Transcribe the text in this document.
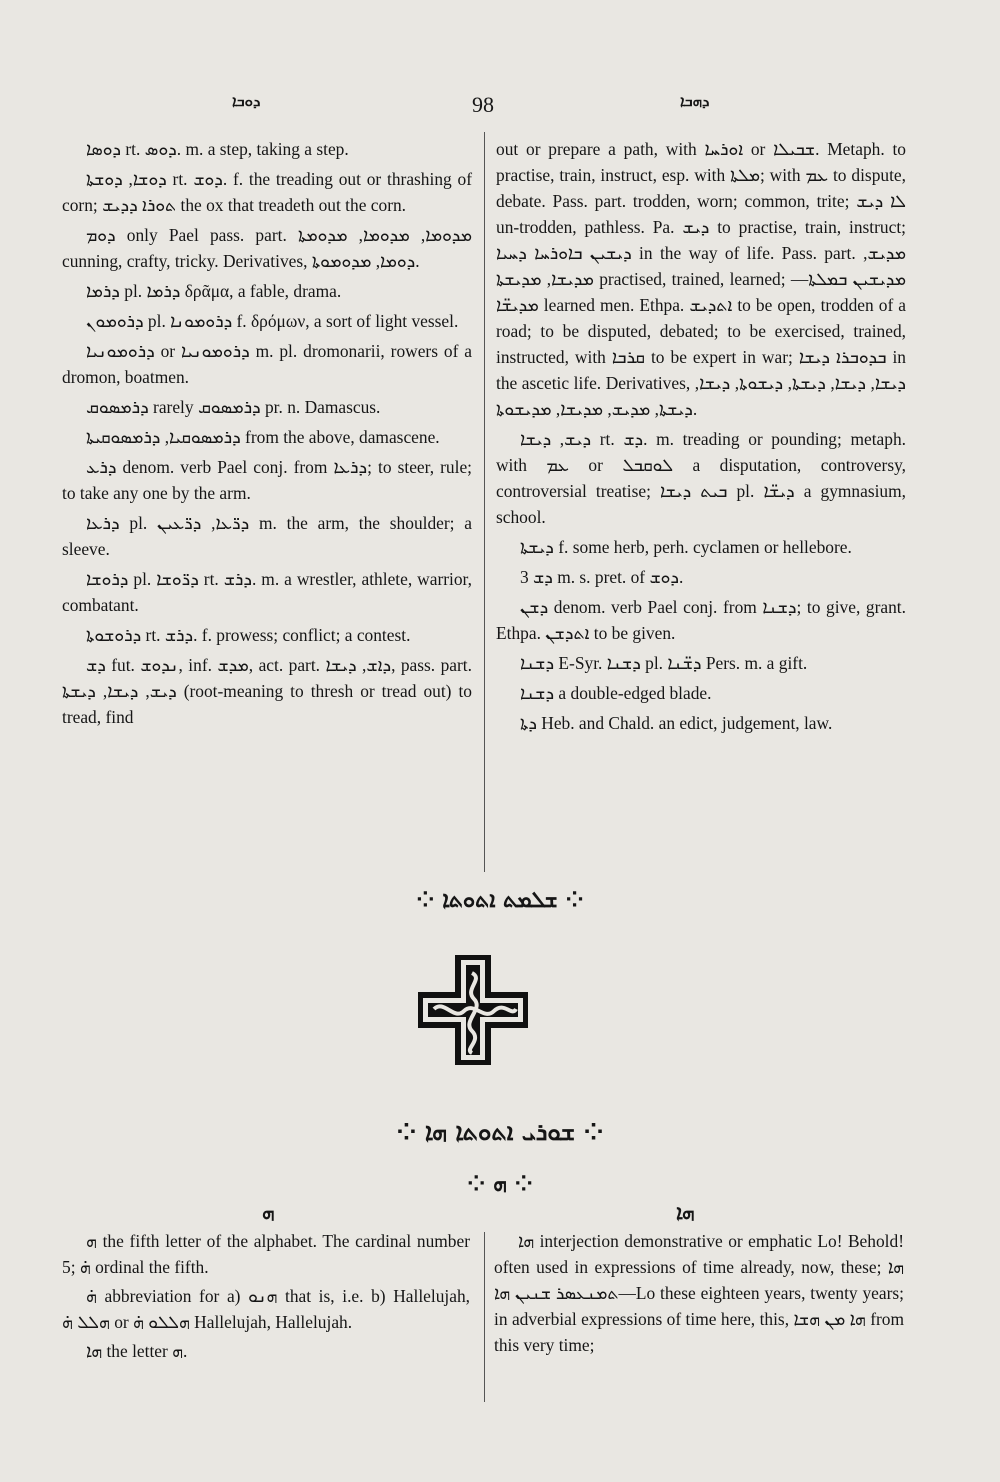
ܕܘܒܐ	98	ܕܗܒܐ

ܕܘܣܐ rt. ܕܘܣ. m. a step, taking a step.

ܕܘܫܐ, ܕܘܫܬܐ rt. ܕܘܫ. f. the treading out or thrashing of corn; ܬܘܪܐ ܕܕܝܫ the ox that treadeth out the corn.

ܕܘܡ only Pael pass. part. ܡܕܘܡܐ, ܡܕܘܡܐ, ܡܕܘܡܬܐ cunning, crafty, tricky. Derivatives, ܕܘܡܐ, ܡܕܘܡܘܬܐ.

ܕܪܡܐ pl. ܕܪܡܐ δρᾶμα, a fable, drama.

ܕܪܘܡܘܢ pl. ܕܪܘܡܘܢܐ f. δρόμων, a sort of light vessel.

ܕܪܘܡܘܢܝܐ or ܕܪܘܡܘܢܝܐ m. pl. dromonarii, rowers of a dromon, boatmen.

ܕܪܡܣܘܩ rarely ܕܪܡܣܘܩ pr. n. Damascus.

ܕܪܡܣܘܩܝܐ, ܕܪܡܣܘܩܝܬܐ from the above, damascene.

ܕܪܥ denom. verb Pael conj. from ܕܪܥܐ; to steer, rule; to take any one by the arm.

ܕܪܥܐ pl. ܕܪ̈ܥܐ, ܕܪ̈ܥܝܢ m. the arm, the shoulder; a sleeve.

ܕܪܘܫܐ pl. ܕܪ̈ܘܫܐ rt. ܕܪܫ. m. a wrestler, athlete, warrior, combatant.

ܕܪܘܫܘܬܐ rt. ܕܪܫ. f. prowess; conflict; a contest.

ܕܫ fut. ܢܕܘܫ, inf. ܡܕܫ, act. part. ܕܐܫ, ܕܝܫܐ, pass. part. ܕܝܫ, ܕܝܫܐ, ܕܝܫܬܐ (root-meaning to thresh or tread out) to tread, find

out or prepare a path, with ܐܘܪܚܐ or ܫܒܝܠܐ. Metaph. to practise, train, instruct, esp. with ܡܠܬܐ; with ܥܡ to dispute, debate. Pass. part. trodden, worn; common, trite; ܠܐ ܕܝܫ un-trodden, pathless. Pa. ܕܝܫ to practise, train, instruct; ܕܝܫܝܢ ܒܐܘܪܚܐ ܕܚܝܐ in the way of life. Pass. part. ܡܕܝܫ, ܡܕܝܫܐ, ܡܕܝܫܬܐ practised, trained, learned; ܡܕܝܫܝܢ ܒܡܠܬܐ—ܡܕܝܫ̈ܐ learned men. Ethpa. ܐܬܕܝܫ to be open, trodden of a road; to be disputed, debated; to be exercised, trained, instructed, with ܩܪܒܐ to be expert in war; ܒܕܘܒܪܐ ܕܝܫܐ in the ascetic life. Derivatives, ܕܝܫܐ, ܕܝܫܐ, ܕܝܫܬܐ, ܕܝܫܘܬܐ, ܕܝܫܐ, ܕܝܫܬܐ, ܡܕܝܫ, ܡܕܝܫܐ, ܡܕܝܫܘܬܐ.

ܕܝܫ, ܕܝܫܐ rt. ܕܫ. m. treading or pounding; metaph. with ܥܡ or ܠܘܩܒܠ a disputation, controversy, controversial treatise; ܒܝܬ ܕܝܫܐ pl. ܕܝܫ̈ܐ a gymnasium, school.

ܕܝܫܬܐ f. some herb, perh. cyclamen or hellebore.

ܕܫ 3 m. s. pret. of ܕܘܫ.

ܕܫܢ denom. verb Pael conj. from ܕܫܢܐ; to give, grant. Ethpa. ܐܬܕܫܢ to be given.

ܕܫܢܐ E-Syr. ܕܫܢܐ pl. ܕܫ̈ܢܐ Pers. m. a gift.

ܕܫܢܐ a double-edged blade.

ܕܬܐ Heb. and Chald. an edict, judgement, law.

⁘ ܫܠܡܬ ܐܬܘܬܐ ⁘
⁘ ܫܘܪܝ ܐܬܘܬܐ ܗܐ ⁘
⁘ ܗ ⁘
ܗ	ܗܐ

ܗ the fifth letter of the alphabet. The cardinal number 5; ܗ̇ ordinal the fifth.

ܗ̇ abbreviation for a) ܗܢܘ that is, i.e. b) Hallelujah, ܗܠܠ ܗ̇ or ܗܠܠܘ ܗ̇ Hallelujah, Hallelujah.

ܗܐ the letter ܗ.

ܗܐ interjection demonstrative or emphatic Lo! Behold! often used in expressions of time already, now, these; ܗܐ ܬܡܢܥܣܪ ܫܢܝܢ ܗܐ—Lo these eighteen years, twenty years; in adverbial expressions of time here, this, ܗܐ ܡܢ ܗܫܐ from this very time;
